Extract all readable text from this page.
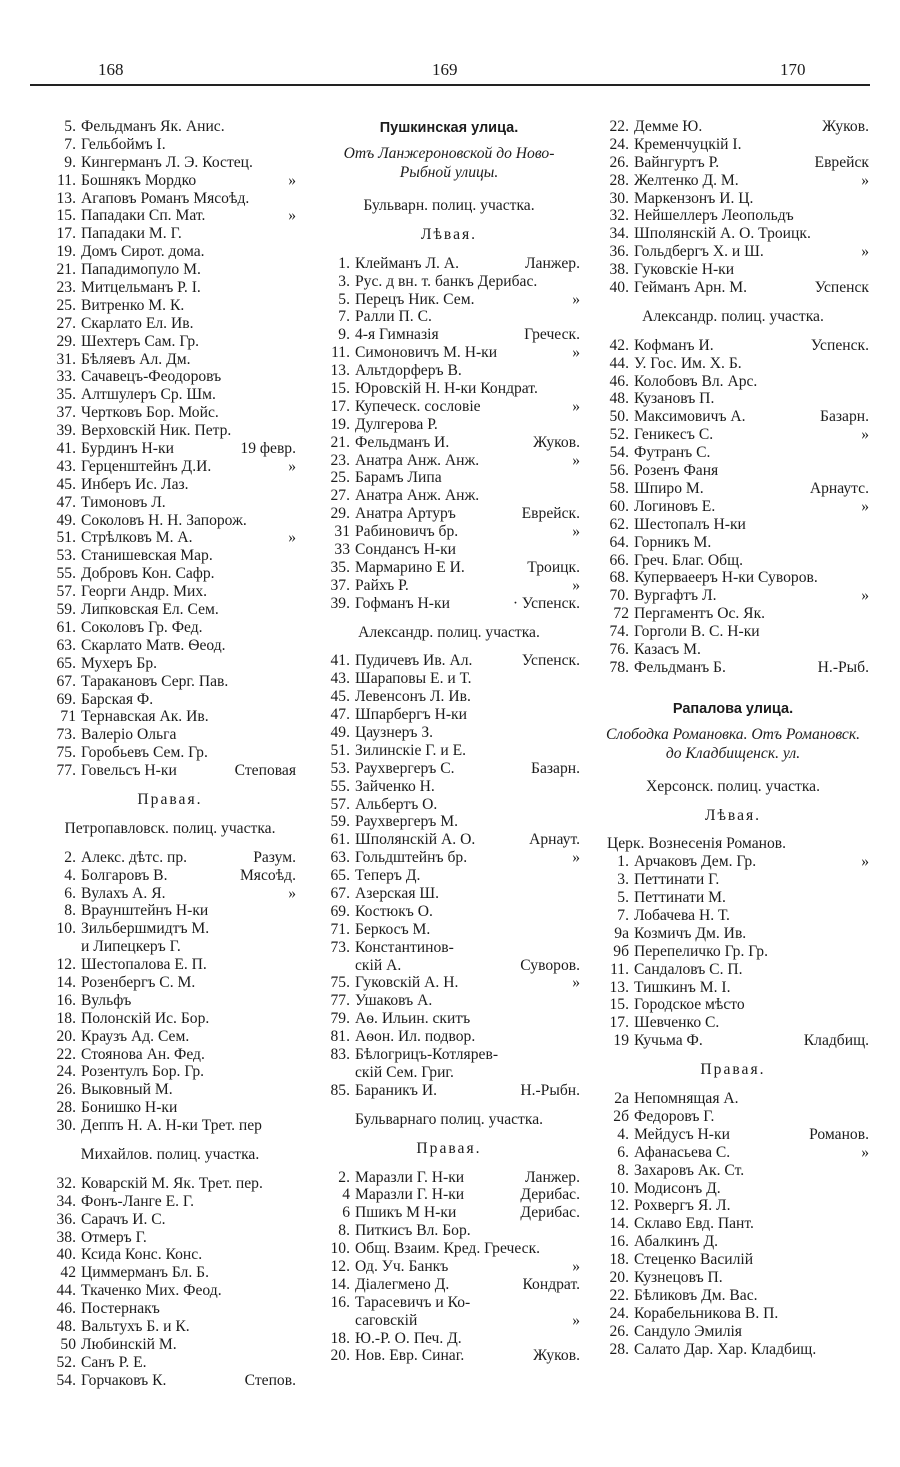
168	169	170
5. Фельдманъ Як. Анис.
7. Гельбоймъ І.
9. Кингерманъ Л. Э. Костец.
11. Бошнякъ Мордко	»
13. Агаповъ Романъ Мясоѣд.
15. Пападаки Сп. Мат.	»
17. Пападаки М. Г.
19. Домъ Сирот. дома.
21. Пападимопуло М.
23. Митцельманъ Р. І.
25. Витренко М. К.
27. Скарлато Ел. Ив.
29. Шехтеръ Сам. Гр.
31. Бѣляевъ Ал. Дм.
33. Сачавецъ-Феодоровъ
35. Алтшулеръ Ср. Шм.
37. Чертковъ Бор. Мойс.
39. Верховскій Ник. Петр.
41. Бурдинъ Н-ки	19 февр.
43. Герценштейнъ Д.И.	»
45. Инберъ Ис. Лаз.
47. Тимоновъ Л.
49. Соколовъ Н. Н. Запорож.
51. Стрѣлковъ М. А.	»
53. Станишевская Мар.
55. Добровъ Кон. Сафр.
57. Георги Андр. Мих.
59. Липковская Ел. Сем.
61. Соколовъ Гр. Фед.
63. Скарлато Матв. Ѳеод.
65. Мухеръ Бр.
67. Таракановъ Серг. Пав.
69. Барская Ф.
71 Тернавская Ак. Ив.
73. Валеріо Ольга
75. Горобьевъ Сем. Гр.
77. Говельсъ Н-ки	Степовая
Правая.
Петропавловск. полиц. участка.
2. Алекс. дѣтс. пр.	Разум.
4. Болгаровъ В.	Мясоѣд.
6. Вулахъ А. Я.	»
8. Враунштейнъ Н-ки
10. Зильбершмидтъ М.
и Липецкеръ Г.
12. Шестопалова Е. П.
14. Розенбергъ С. М.
16. Вульфъ
18. Полонскій Ис. Бор.
20. Краузъ Ад. Сем.
22. Стоянова Ан. Фед.
24. Розентулъ Бор. Гр.
26. Выковный М.
28. Бонишко Н-ки
30. Деппъ Н. А. Н-ки Трет. пер
Михайлов. полиц. участка.
32. Коварскій М. Як. Трет. пер.
34. Фонъ-Ланге Е. Г.
36. Сарачъ И. С.
38. Отмеръ Г.
40. Ксида Конс. Конс.
42 Циммерманъ Бл. Б.
44. Ткаченко Мих. Феод.
46. Постернакъ
48. Вальтухъ Б. и К.
50 Любинскій М.
52. Санъ Р. Е.
54. Горчаковъ К.	Степов.
Пушкинская улица.
Отъ Ланжероновской до Ново-Рыбной улицы.
Бульварн. полиц. участка.
Лѣвая.
1. Клейманъ Л. А.	Ланжер.
3. Рус. д вн. т. банкъ Дерибас.
5. Перецъ Ник. Сем.	»
7. Ралли П. С.
9. 4-я Гимназія	Греческ.
11. Симоновичъ М. Н-ки	»
13. Альтдорферъ В.
15. Юровскій Н. Н-ки Кондрат.
17. Купеческ. сословіе	»
19. Дулгерова Р.
21. Фельдманъ И.	Жуков.
23. Анатра Анж. Анж.	»
25. Барамъ Липа
27. Анатра Анж. Анж.
29. Анатра Артуръ	Еврейск.
31 Рабиновичъ бр.	»
33 Сондансъ Н-ки
35. Мармарино Е И.	Троицк.
37. Райхъ Р.	»
39. Гофманъ Н-ки	· Успенск.
Александр. полиц. участка.
41. Пудичевъ Ив. Ал.	Успенск.
43. Шараповы Е. и Т.
45. Левенсонъ Л. Ив.
47. Шпарбергъ Н-ки
49. Цаузнеръ З.
51. Зилинскіе Г. и Е.
53. Раухвергеръ С.	Базарн.
55. Зайченко Н.
57. Альбертъ О.
59. Раухвергеръ М.
61. Шполянскій А. О.	Арнаут.
63. Гольдштейнъ бр.	»
65. Теперъ Д.
67. Азерская Ш.
69. Костюкъ О.
71. Беркосъ М.
73. Константинов-
скій А.	Суворов.
75. Гуковскій А. Н.	»
77. Ушаковъ А.
79. Аѳ. Ильин. скитъ
81. Аѳон. Ил. подвор.
83. Бѣлогрицъ-Котлярев-
скій Сем. Григ.
85. Бараникъ И.	Н.-Рыбн.
Бульварнаго полиц. участка.
Правая.
2. Маразли Г. Н-ки	Ланжер.
4 Маразли Г. Н-ки	Дерибас.
6 Пшикъ М Н-ки	Дерибас.
8. Питкисъ Вл. Бор.
10. Общ. Взаим. Кред. Греческ.
12. Од. Уч. Банкъ	»
14. Діалегмено Д.	Кондрат.
16. Тарасевичъ и Ко-
саговскій	»
18. Ю.-Р. О. Печ. Д.
20. Нов. Евр. Синаг.	Жуков.
22. Демме Ю.	Жуков.
24. Кременчуцкій І.
26. Вайнгуртъ Р.	Еврейск
28. Желтенко Д. М.	»
30. Маркензонъ И. Ц.
32. Нейшеллеръ Леопольдъ
34. Шполянскій А. О. Троицк.
36. Гольдбергъ Х. и Ш.	»
38. Гуковскіе Н-ки
40. Гейманъ Арн. М.	Успенск
Александр. полиц. участка.
42. Кофманъ И.	Успенск.
44. У. Гос. Им. Х. Б.
46. Колобовъ Вл. Арс.
48. Кузановъ П.
50. Максимовичъ А.	Базарн.
52. Геникесъ С.	»
54. Футранъ С.
56. Розенъ Фаня
58. Шпиро М.	Арнаутс.
60. Логиновъ Е.	»
62. Шестопалъ Н-ки
64. Горникъ М.
66. Греч. Благ. Общ.
68. Куперваееръ Н-ки Суворов.
70. Вургафтъ Л.	»
72 Пергаментъ Ос. Як.
74. Горголи В. С. Н-ки
76. Казасъ М.
78. Фельдманъ Б.	Н.-Рыб.
Рапалова улица.
Слободка Романовка. Отъ Романовск. до Кладбищенск. ул.
Херсонск. полиц. участка.
Лѣвая.
Церк. Вознесенія Романов.
1. Арчаковъ Дем. Гр.	»
3. Петтинати Г.
5. Петтинати М.
7. Лобачева Н. Т.
9а Козмичъ Дм. Ив.
9б Перепеличко Гр. Гр.
11. Сандаловъ С. П.
13. Тишкинъ М. І.
15. Городское мѣсто
17. Шевченко С.
19 Кучьма Ф.	Кладбищ.
Правая.
2а Непомнящая А.
2б Федоровъ Г.
4. Мейдусъ Н-ки	Романов.
6. Афанасьева С.	»
8. Захаровъ Ак. Ст.
10. Модисонъ Д.
12. Рохвергъ Я. Л.
14. Склаво Евд. Пант.
16. Абалкинъ Д.
18. Стеценко Василій
20. Кузнецовъ П.
22. Бѣликовъ Дм. Вас.
24. Корабельникова В. П.
26. Сандуло Эмилія
28. Салато Дар. Хар. Кладбищ.
